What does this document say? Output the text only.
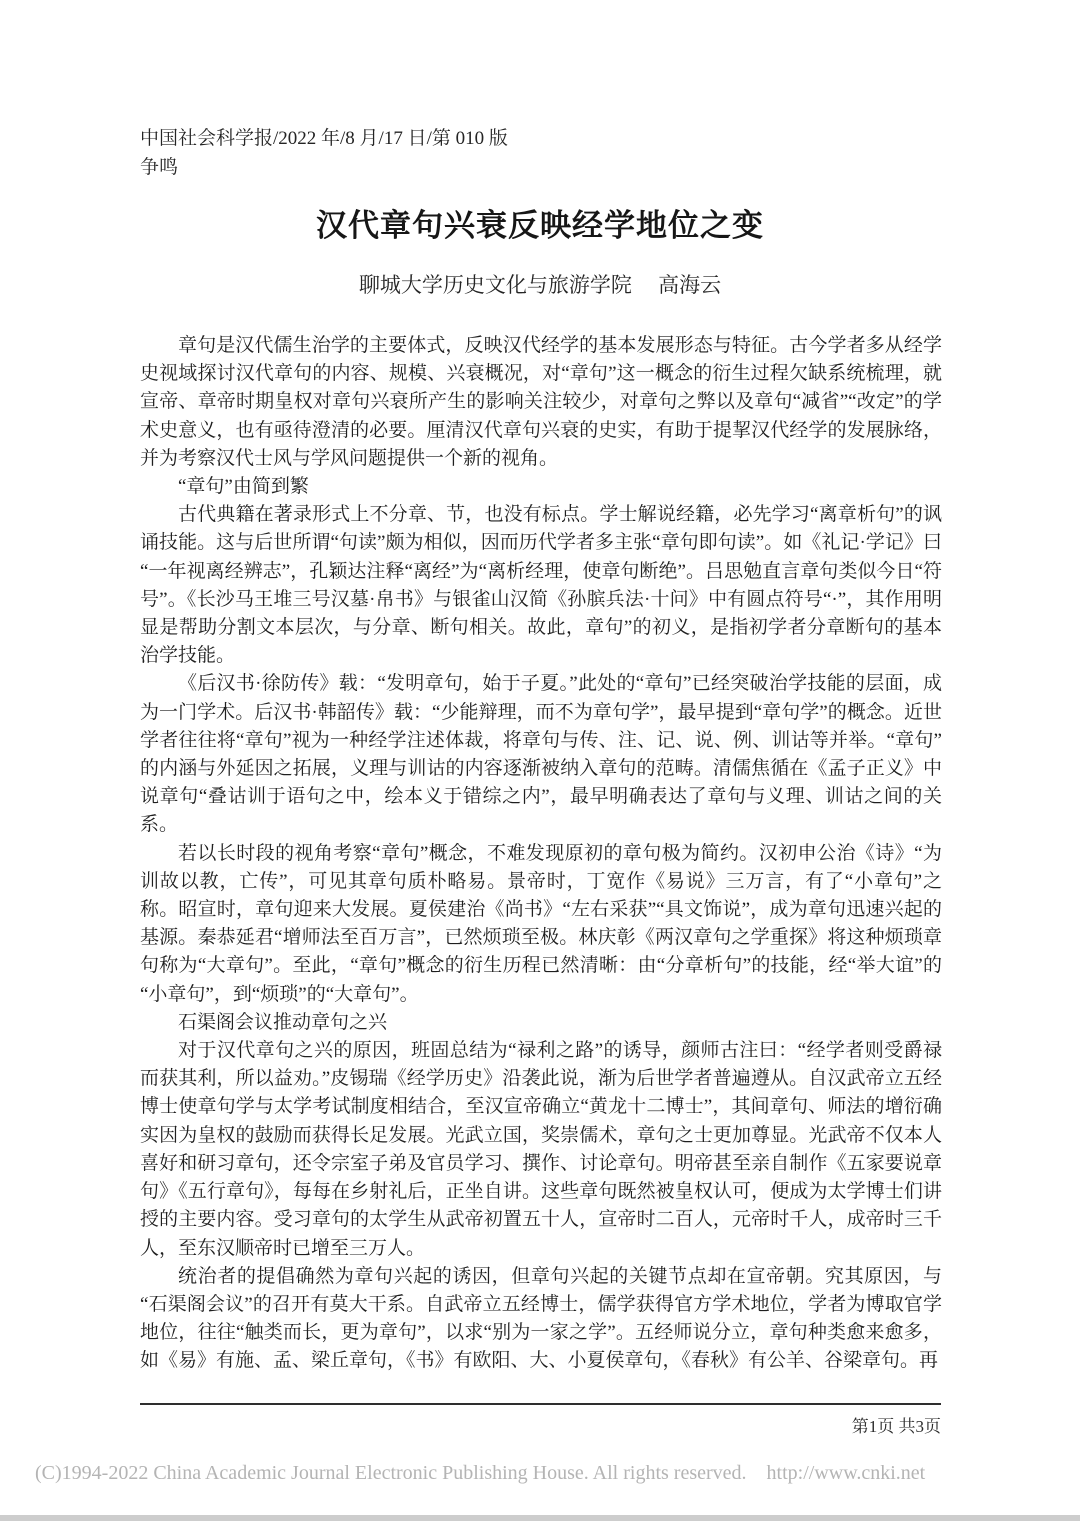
中国社会科学报/2022 年/8 月/17 日/第 010 版
争鸣
汉代章句兴衰反映经学地位之变
聊城大学历史文化与旅游学院　 高海云

章句是汉代儒生治学的主要体式，反映汉代经学的基本发展形态与特征。古今学者多从经学史视域探讨汉代章句的内容、规模、兴衰概况，对“章句”这一概念的衍生过程欠缺系统梳理，就宣帝、章帝时期皇权对章句兴衰所产生的影响关注较少，对章句之弊以及章句“减省”“改定”的学术史意义，也有亟待澄清的必要。厘清汉代章句兴衰的史实，有助于提挈汉代经学的发展脉络，并为考察汉代士风与学风问题提供一个新的视角。

“章句”由简到繁

古代典籍在著录形式上不分章、节，也没有标点。学士解说经籍，必先学习“离章析句”的讽诵技能。这与后世所谓“句读”颇为相似，因而历代学者多主张“章句即句读”。如《礼记·学记》曰“一年视离经辨志”，孔颖达注释“离经”为“离析经理，使章句断绝”。吕思勉直言章句类似今日“符号”。《长沙马王堆三号汉墓·帛书》与银雀山汉简《孙膑兵法·十问》中有圆点符号“·”，其作用明显是帮助分割文本层次，与分章、断句相关。故此，章句”的初义，是指初学者分章断句的基本治学技能。

《后汉书·徐防传》载：“发明章句，始于子夏。”此处的“章句”已经突破治学技能的层面，成为一门学术。后汉书·韩韶传》载：“少能辩理，而不为章句学”，最早提到“章句学”的概念。近世学者往往将“章句”视为一种经学注述体裁，将章句与传、注、记、说、例、训诂等并举。“章句”的内涵与外延因之拓展，义理与训诂的内容逐渐被纳入章句的范畴。清儒焦循在《孟子正义》中说章句“叠诂训于语句之中，绘本义于错综之内”，最早明确表达了章句与义理、训诂之间的关系。

若以长时段的视角考察“章句”概念，不难发现原初的章句极为简约。汉初申公治《诗》“为训故以教，亡传”，可见其章句质朴略易。景帝时，丁宽作《易说》三万言，有了“小章句”之称。昭宣时，章句迎来大发展。夏侯建治《尚书》“左右采获”“具文饰说”，成为章句迅速兴起的基源。秦恭延君“增师法至百万言”，已然烦琐至极。林庆彰《两汉章句之学重探》将这种烦琐章句称为“大章句”。至此，“章句”概念的衍生历程已然清晰：由“分章析句”的技能，经“举大谊”的“小章句”，到“烦琐”的“大章句”。

石渠阁会议推动章句之兴

对于汉代章句之兴的原因，班固总结为“禄利之路”的诱导，颜师古注曰：“经学者则受爵禄而获其利，所以益劝。”皮锡瑞《经学历史》沿袭此说，渐为后世学者普遍遵从。自汉武帝立五经博士使章句学与太学考试制度相结合，至汉宣帝确立“黄龙十二博士”，其间章句、师法的增衍确实因为皇权的鼓励而获得长足发展。光武立国，奖崇儒术，章句之士更加尊显。光武帝不仅本人喜好和研习章句，还令宗室子弟及官员学习、撰作、讨论章句。明帝甚至亲自制作《五家要说章句》《五行章句》，每每在乡射礼后，正坐自讲。这些章句既然被皇权认可，便成为太学博士们讲授的主要内容。受习章句的太学生从武帝初置五十人，宣帝时二百人，元帝时千人，成帝时三千人，至东汉顺帝时已增至三万人。

统治者的提倡确然为章句兴起的诱因，但章句兴起的关键节点却在宣帝朝。究其原因，与“石渠阁会议”的召开有莫大干系。自武帝立五经博士，儒学获得官方学术地位，学者为博取官学地位，往往“触类而长，更为章句”，以求“别为一家之学”。五经师说分立，章句种类愈来愈多，如《易》有施、孟、梁丘章句，《书》有欧阳、大、小夏侯章句，《春秋》有公羊、谷梁章句。再

第1页 共3页
(C)1994-2022 China Academic Journal Electronic Publishing House. All rights reserved.    http://www.cnki.net
